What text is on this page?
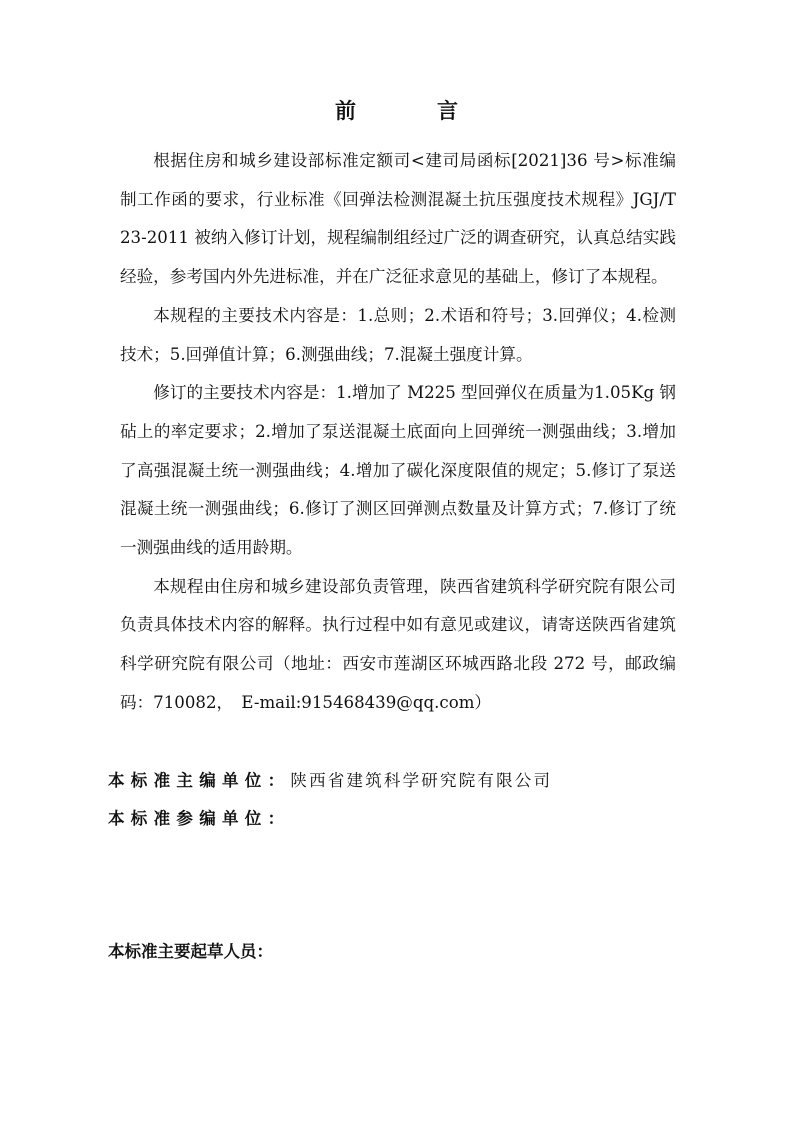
前　言

根据住房和城乡建设部标准定额司<建司局函标[2021]36 号>标准编制工作函的要求，行业标准《回弹法检测混凝土抗压强度技术规程》JGJ/T 23-2011 被纳入修订计划，规程编制组经过广泛的调查研究，认真总结实践经验，参考国内外先进标准，并在广泛征求意见的基础上，修订了本规程。

本规程的主要技术内容是：1.总则；2.术语和符号；3.回弹仪；4.检测技术；5.回弹值计算；6.测强曲线；7.混凝土强度计算。

修订的主要技术内容是：1.增加了 M225 型回弹仪在质量为1.05Kg 钢砧上的率定要求；2.增加了泵送混凝土底面向上回弹统一测强曲线；3.增加了高强混凝土统一测强曲线；4.增加了碳化深度限值的规定；5.修订了泵送混凝土统一测强曲线；6.修订了测区回弹测点数量及计算方式；7.修订了统一测强曲线的适用龄期。

本规程由住房和城乡建设部负责管理，陕西省建筑科学研究院有限公司负责具体技术内容的解释。执行过程中如有意见或建议，请寄送陕西省建筑科学研究院有限公司（地址：西安市莲湖区环城西路北段 272 号，邮政编码：710082，　E-mail:915468439@qq.com）

本标准主编单位：陕西省建筑科学研究院有限公司
本标准参编单位：
本标准主要起草人员：
